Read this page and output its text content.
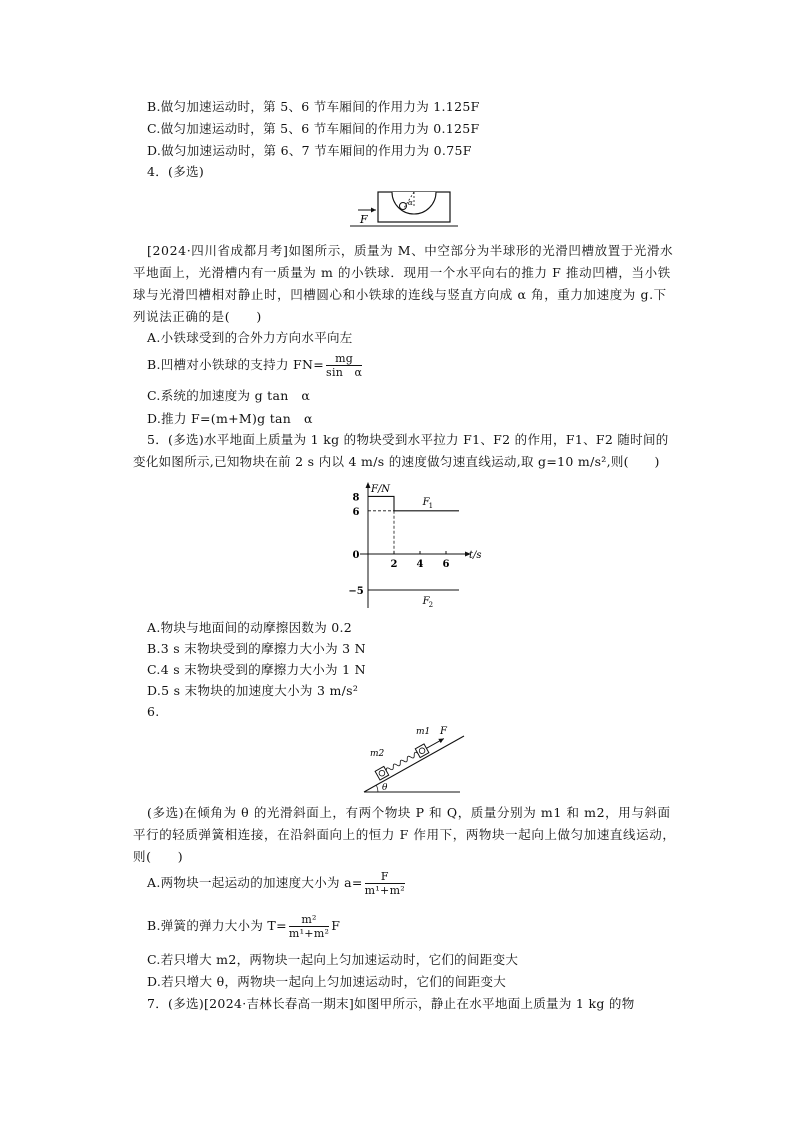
B.做匀加速运动时，第 5、6 节车厢间的作用力为 1.125F
C.做匀加速运动时，第 5、6 节车厢间的作用力为 0.125F
D.做匀加速运动时，第 6、7 节车厢间的作用力为 0.75F
4．(多选)
F
α
[2024·四川省成都月考]如图所示，质量为 M、中空部分为半球形的光滑凹槽放置于光滑水平地面上，光滑槽内有一质量为 m 的小铁球．现用一个水平向右的推力 F 推动凹槽，当小铁球与光滑凹槽相对静止时，凹槽圆心和小铁球的连线与竖直方向成 α 角，重力加速度为 g.下列说法正确的是(　　)
A.小铁球受到的合外力方向水平向左
B.凹槽对小铁球的支持力 $FN= \frac{mg}{\text{sin　α}}$
C.系统的加速度为 g tan　α
D.推力 F=(m+M)g tan　α
5．(多选)水平地面上质量为 1 kg 的物块受到水平拉力 F1、F2 的作用，F1、F2 随时间的
变化如图所示,已知物块在前 2 s 内以 4 m/s 的速度做匀速直线运动,取 g=10 m/s²,则(　　)
F/N
t/s
8
6
0
−5
2 4 6
F 1
F 2
A.物块与地面间的动摩擦因数为 0.2
B.3 s 末物块受到的摩擦力大小为 3 N
C.4 s 末物块受到的摩擦力大小为 1 N
D.5 s 末物块的加速度大小为 3 m/s²
6.
m2
m1 F
θ
(多选)在倾角为 θ 的光滑斜面上，有两个物块 P 和 Q，质量分别为 m1 和 m2，用与斜面平行的轻质弹簧相连接，在沿斜面向上的恒力 F 作用下，两物块一起向上做匀加速直线运动，则(　　)
A.两物块一起运动的加速度大小为 $a= \frac{F}{\text{m¹+m²}}$
B.弹簧的弹力大小为 $T= \frac{\text{m²}}{\text{m¹+m²}}$ F
C.若只增大 m2，两物块一起向上匀加速运动时，它们的间距变大
D.若只增大 θ，两物块一起向上匀加速运动时，它们的间距变大
7．(多选)[2024·吉林长春高一期末]如图甲所示，静止在水平地面上质量为 1 kg 的物
